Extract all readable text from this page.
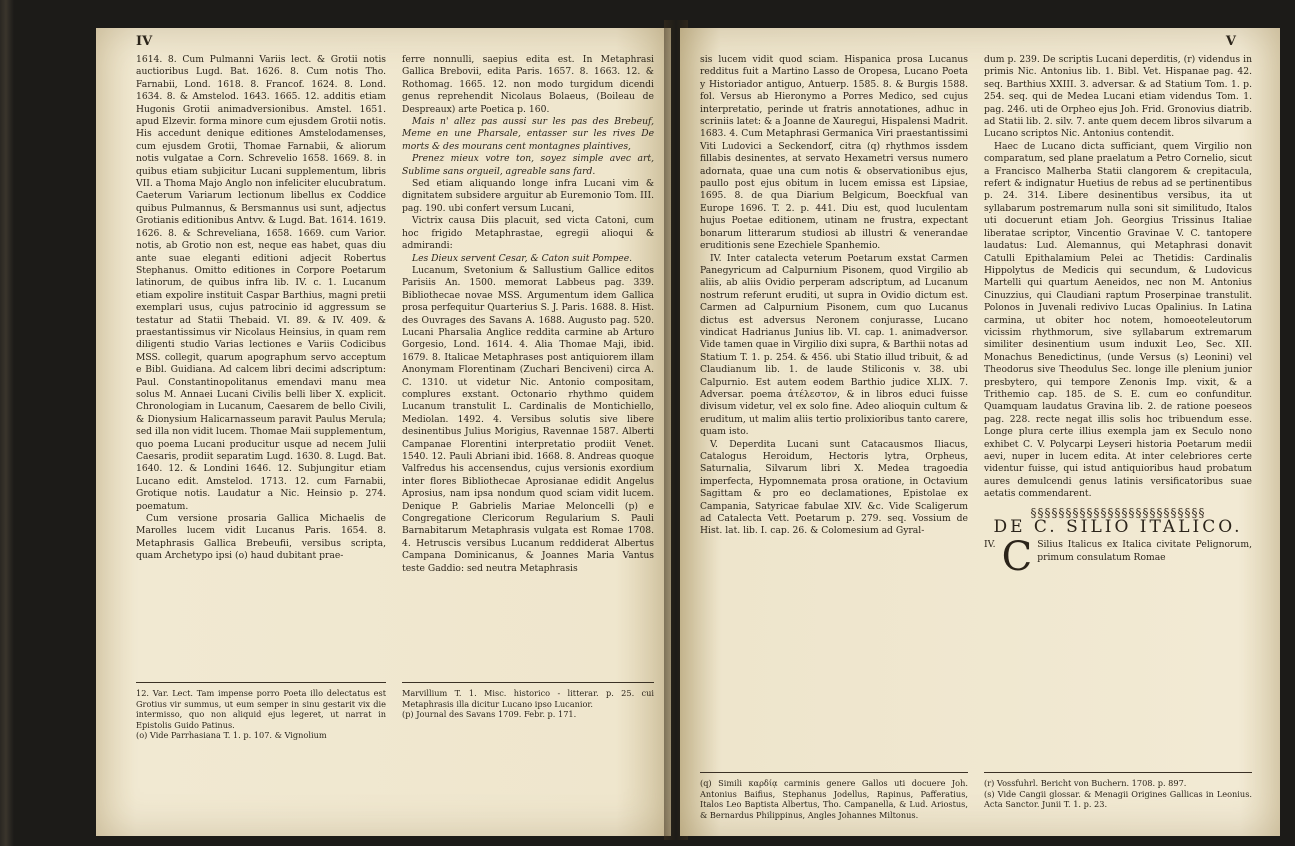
IV

1614. 8. Cum Pulmanni Variis lect. & Grotii notis auctioribus Lugd. Bat. 1626. 8. Cum notis Tho. Farnabii, Lond. 1618. 8. Francof. 1624. 8. Lond. 1634. 8. & Amstelod. 1643. 1665. 12. additis etiam Hugonis Grotii animadversionibus. Amstel. 1651. apud Elzevir. forma minore cum ejusdem Grotii notis. His accedunt denique editiones Amstelodamenses, cum ejusdem Grotii, Thomae Farnabii, & aliorum notis vulgatae a Corn. Schrevelio 1658. 1669. 8. in quibus etiam subjicitur Lucani supplementum, libris VII. a Thoma Majo Anglo non infeliciter elucubratum. Caeterum Variarum lectionum libellus ex Coddice quibus Pulmannus, & Bersmannus usi sunt, adjectus Grotianis editionibus Antvv. & Lugd. Bat. 1614. 1619. 1626. 8. & Schreveliana, 1658. 1669. cum Varior. notis, ab Grotio non est, neque eas habet, quas diu ante suae eleganti editioni adjecit Robertus Stephanus. Omitto editiones in Corpore Poetarum latinorum, de quibus infra lib. IV. c. 1. Lucanum etiam expolire instituit Caspar Barthius, magni pretii exemplari usus, cujus patrocinio id aggressum se testatur ad Statii Thebaid. VI. 89. & IV. 409. & praestantissimus vir Nicolaus Heinsius, in quam rem diligenti studio Varias lectiones e Variis Codicibus MSS. collegit, quarum apographum servo acceptum e Bibl. Guidiana. Ad calcem libri decimi adscriptum: Paul. Constantinopolitanus emendavi manu mea solus M. Annaei Lucani Civilis belli liber X. explicit. Chronologiam in Lucanum, Caesarem de bello Civili, & Dionysium Halicarnasseum paravit Paulus Merula; sed illa non vidit lucem. Thomae Maii supplementum, quo poema Lucani producitur usque ad necem Julii Caesaris, prodiit separatim Lugd. 1630. 8. Lugd. Bat. 1640. 12. & Londini 1646. 12. Subjungitur etiam Lucano edit. Amstelod. 1713. 12. cum Farnabii, Grotique notis. Laudatur a Nic. Heinsio p. 274. poematum.

Cum versione prosaria Gallica Michaelis de Marolles lucem vidit Lucanus Paris. 1654. 8. Metaphrasis Gallica Brebeufii, versibus scripta, quam Archetypo ipsi (o) haud dubitant prae-

ferre nonnulli, saepius edita est. In Metaphrasi Gallica Brebovii, edita Paris. 1657. 8. 1663. 12. & Rothomag. 1665. 12. non modo turgidum dicendi genus reprehendit Nicolaus Bolaeus, (Boileau de Despreaux) arte Poetica p. 160.

Mais n' allez pas aussi sur les pas des Brebeuf, Meme en une Pharsale, entasser sur les rives De morts & des mourans cent montagnes plaintives,

Prenez mieux votre ton, soyez simple avec art, Sublime sans orgueil, agreable sans fard.

Sed etiam aliquando longe infra Lucani vim & dignitatem subsidere arguitur ab Euremonio Tom. III. pag. 190. ubi confert versum Lucani,

Victrix causa Diis placuit, sed victa Catoni, cum hoc frigido Metaphrastae, egregii alioqui & admirandi:

Les Dieux servent Cesar, & Caton suit Pompee.

Lucanum, Svetonium & Sallustium Gallice editos Parisiis An. 1500. memorat Labbeus pag. 339. Bibliothecae novae MSS. Argumentum idem Gallica prosa perfequitur Quarterius S. J. Paris. 1688. 8. Hist. des Ouvrages des Savans A. 1688. Augusto pag. 520. Lucani Pharsalia Anglice reddita carmine ab Arturo Gorgesio, Lond. 1614. 4. Alia Thomae Maji, ibid. 1679. 8. Italicae Metaphrases post antiquiorem illam Anonymam Florentinam (Zuchari Benciveni) circa A. C. 1310. ut videtur Nic. Antonio compositam, complures exstant. Octonario rhythmo quidem Lucanum transtulit L. Cardinalis de Montichiello, Mediolan. 1492. 4. Versibus solutis sive libere desinentibus Julius Morigius, Ravennae 1587. Alberti Campanae Florentini interpretatio prodiit Venet. 1540. 12. Pauli Abriani ibid. 1668. 8. Andreas quoque Valfredus his accensendus, cujus versionis exordium inter flores Bibliothecae Aprosianae edidit Angelus Aprosius, nam ipsa nondum quod sciam vidit lucem. Denique P. Gabrielis Mariae Meloncelli (p) e Congregatione Clericorum Regularium S. Pauli Barnabitarum Metaphrasis vulgata est Romae 1708. 4. Hetruscis versibus Lucanum reddiderat Albertus Campana Dominicanus, & Joannes Maria Vantus teste Gaddio: sed neutra Metaphrasis

12. Var. Lect. Tam impense porro Poeta illo delectatus est Grotius vir summus, ut eum semper in sinu gestarit vix die intermisso, quo non aliquid ejus legeret, ut narrat in Epistolis Guido Patinus.

(o) Vide Parrhasiana T. 1. p. 107. & Vignolium

Marvillium T. 1. Misc. historico - litterar. p. 25. cui Metaphrasis illa dicitur Lucano ipso Lucanior.

(p) Journal des Savans 1709. Febr. p. 171.

V

sis lucem vidit quod sciam. Hispanica prosa Lucanus redditus fuit a Martino Lasso de Oropesa, Lucano Poeta y Historiador antiguo, Antuerp. 1585. 8. & Burgis 1588. fol. Versus ab Hieronymo a Porres Medico, sed cujus interpretatio, perinde ut fratris annotationes, adhuc in scriniis latet: & a Joanne de Xauregui, Hispalensi Madrit. 1683. 4. Cum Metaphrasi Germanica Viri praestantissimi Viti Ludovici a Seckendorf, citra (q) rhythmos issdem fillabis desinentes, at servato Hexametri versus numero adornata, quae una cum notis & observationibus ejus, paullo post ejus obitum in lucem emissa est Lipsiae, 1695. 8. de qua Diarium Belgicum, Boeckfual van Europe 1696. T. 2. p. 441. Diu est, quod luculentam hujus Poetae editionem, utinam ne frustra, expectant bonarum litterarum studiosi ab illustri & venerandae eruditionis sene Ezechiele Spanhemio.

IV. Inter catalecta veterum Poetarum exstat Carmen Panegyricum ad Calpurnium Pisonem, quod Virgilio ab aliis, ab aliis Ovidio perperam adscriptum, ad Lucanum nostrum referunt eruditi, ut supra in Ovidio dictum est. Carmen ad Calpurnium Pisonem, cum quo Lucanus dictus est adversus Neronem conjurasse, Lucano vindicat Hadrianus Junius lib. VI. cap. 1. animadversor. Vide tamen quae in Virgilio dixi supra, & Barthii notas ad Statium T. 1. p. 254. & 456. ubi Statio illud tribuit, & ad Claudianum lib. 1. de laude Stiliconis v. 38. ubi Calpurnio. Est autem eodem Barthio judice XLIX. 7. Adversar. poema ἀτέλεστον, & in libros educi fuisse divisum videtur, vel ex solo fine. Adeo alioquin cultum & eruditum, ut malim aliis tertio prolixioribus tanto carere, quam isto.

V. Deperdita Lucani sunt Catacausmos Iliacus, Catalogus Heroidum, Hectoris lytra, Orpheus, Saturnalia, Silvarum libri X. Medea tragoedia imperfecta, Hypomnemata prosa oratione, in Octavium Sagittam & pro eo declamationes, Epistolae ex Campania, Satyricae fabulae XIV. &c. Vide Scaligerum ad Catalecta Vett. Poetarum p. 279. seq. Vossium de Hist. lat. lib. I. cap. 26. & Colomesium ad Gyral-

dum p. 239. De scriptis Lucani deperditis, (r) videndus in primis Nic. Antonius lib. 1. Bibl. Vet. Hispanae pag. 42. seq. Barthius XXIII. 3. adversar. & ad Statium Tom. 1. p. 254. seq. qui de Medea Lucani etiam videndus Tom. 1. pag. 246. uti de Orpheo ejus Joh. Frid. Gronovius diatrib. ad Statii lib. 2. silv. 7. ante quem decem libros silvarum a Lucano scriptos Nic. Antonius contendit.

Haec de Lucano dicta sufficiant, quem Virgilio non comparatum, sed plane praelatum a Petro Cornelio, sicut a Francisco Malherba Statii clangorem & crepitacula, refert & indignatur Huetius de rebus ad se pertinentibus p. 24. 314. Libere desinentibus versibus, ita ut syllabarum postremarum nulla soni sit similitudo, Italos uti docuerunt etiam Joh. Georgius Trissinus Italiae liberatae scriptor, Vincentio Gravinae V. C. tantopere laudatus: Lud. Alemannus, qui Metaphrasi donavit Catulli Epithalamium Pelei ac Thetidis: Cardinalis Hippolytus de Medicis qui secundum, & Ludovicus Martelli qui quartum Aeneidos, nec non M. Antonius Cinuzzius, qui Claudiani raptum Proserpinae transtulit. Polonos in Juvenali redivivo Lucas Opalinius. In Latina carmina, ut obiter hoc notem, homoeoteleutorum vicissim rhythmorum, sive syllabarum extremarum similiter desinentium usum induxit Leo, Sec. XII. Monachus Benedictinus, (unde Versus (s) Leonini) vel Theodorus sive Theodulus Sec. longe ille plenium junior presbytero, qui tempore Zenonis Imp. vixit, & a Trithemio cap. 185. de S. E. cum eo confunditur. Quamquam laudatus Gravina lib. 2. de ratione poeseos pag. 228. recte negat illis solis hoc tribuendum esse. Longe plura certe illius exempla jam ex Seculo nono exhibet C. V. Polycarpi Leyseri historia Poetarum medii aevi, nuper in lucem edita. At inter celebriores certe videntur fuisse, qui istud antiquioribus haud probatum aures demulcendi genus latinis versificatoribus suae aetatis commendarent.

§§§§§§§§§§§§§§§§§§§§§§§§§
DE C. SILIO ITALICO.
IV. C Silius Italicus ex Italica civitate Pelignorum, primum consulatum Romae

(q) Simili καρδίᾳ carminis genere Gallos uti docuere Joh. Antonius Baifius, Stephanus Jodellus, Rapinus, Pafferatius, Italos Leo Baptista Albertus, Tho. Campanella, & Lud. Ariostus, & Bernardus Philippinus, Angles Johannes Miltonus.

(r) Vossfuhrl. Bericht von Buchern. 1708. p. 897.

(s) Vide Cangii glossar. & Menagii Origines Gallicas in Leonius. Acta Sanctor. Junii T. 1. p. 23.
